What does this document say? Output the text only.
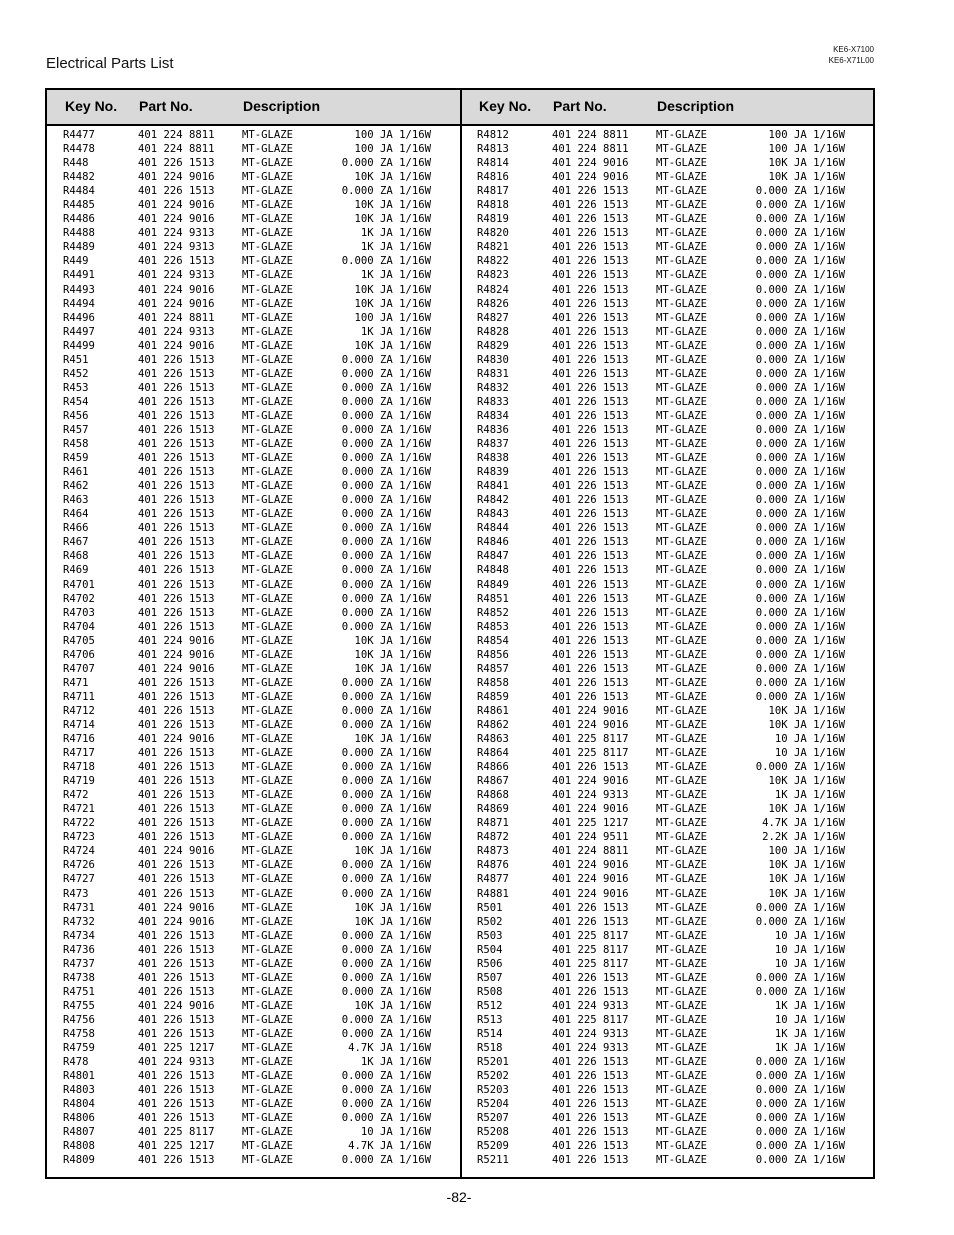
Electrical Parts List
KE6-X7100
KE6-X71L00
Key No. Part No.	Description	Key No. Part No.	Description
R4477	401 224 8811	MT-GLAZE	100 JA 1/16W
R4478	401 224 8811	MT-GLAZE	100 JA 1/16W
R448	401 226 1513	MT-GLAZE	0.000 ZA 1/16W
R4482	401 224 9016	MT-GLAZE	10K JA 1/16W
R4484	401 226 1513	MT-GLAZE	0.000 ZA 1/16W
R4485	401 224 9016	MT-GLAZE	10K JA 1/16W
R4486	401 224 9016	MT-GLAZE	10K JA 1/16W
R4488	401 224 9313	MT-GLAZE	1K JA 1/16W
R4489	401 224 9313	MT-GLAZE	1K JA 1/16W
R449	401 226 1513	MT-GLAZE	0.000 ZA 1/16W
R4491	401 224 9313	MT-GLAZE	1K JA 1/16W
R4493	401 224 9016	MT-GLAZE	10K JA 1/16W
R4494	401 224 9016	MT-GLAZE	10K JA 1/16W
R4496	401 224 8811	MT-GLAZE	100 JA 1/16W
R4497	401 224 9313	MT-GLAZE	1K JA 1/16W
R4499	401 224 9016	MT-GLAZE	10K JA 1/16W
R451	401 226 1513	MT-GLAZE	0.000 ZA 1/16W
R452	401 226 1513	MT-GLAZE	0.000 ZA 1/16W
R453	401 226 1513	MT-GLAZE	0.000 ZA 1/16W
R454	401 226 1513	MT-GLAZE	0.000 ZA 1/16W
R456	401 226 1513	MT-GLAZE	0.000 ZA 1/16W
R457	401 226 1513	MT-GLAZE	0.000 ZA 1/16W
R458	401 226 1513	MT-GLAZE	0.000 ZA 1/16W
R459	401 226 1513	MT-GLAZE	0.000 ZA 1/16W
R461	401 226 1513	MT-GLAZE	0.000 ZA 1/16W
R462	401 226 1513	MT-GLAZE	0.000 ZA 1/16W
R463	401 226 1513	MT-GLAZE	0.000 ZA 1/16W
R464	401 226 1513	MT-GLAZE	0.000 ZA 1/16W
R466	401 226 1513	MT-GLAZE	0.000 ZA 1/16W
R467	401 226 1513	MT-GLAZE	0.000 ZA 1/16W
R468	401 226 1513	MT-GLAZE	0.000 ZA 1/16W
R469	401 226 1513	MT-GLAZE	0.000 ZA 1/16W
R4701	401 226 1513	MT-GLAZE	0.000 ZA 1/16W
R4702	401 226 1513	MT-GLAZE	0.000 ZA 1/16W
R4703	401 226 1513	MT-GLAZE	0.000 ZA 1/16W
R4704	401 226 1513	MT-GLAZE	0.000 ZA 1/16W
R4705	401 224 9016	MT-GLAZE	10K JA 1/16W
R4706	401 224 9016	MT-GLAZE	10K JA 1/16W
R4707	401 224 9016	MT-GLAZE	10K JA 1/16W
R471	401 226 1513	MT-GLAZE	0.000 ZA 1/16W
R4711	401 226 1513	MT-GLAZE	0.000 ZA 1/16W
R4712	401 226 1513	MT-GLAZE	0.000 ZA 1/16W
R4714	401 226 1513	MT-GLAZE	0.000 ZA 1/16W
R4716	401 224 9016	MT-GLAZE	10K JA 1/16W
R4717	401 226 1513	MT-GLAZE	0.000 ZA 1/16W
R4718	401 226 1513	MT-GLAZE	0.000 ZA 1/16W
R4719	401 226 1513	MT-GLAZE	0.000 ZA 1/16W
R472	401 226 1513	MT-GLAZE	0.000 ZA 1/16W
R4721	401 226 1513	MT-GLAZE	0.000 ZA 1/16W
R4722	401 226 1513	MT-GLAZE	0.000 ZA 1/16W
R4723	401 226 1513	MT-GLAZE	0.000 ZA 1/16W
R4724	401 224 9016	MT-GLAZE	10K JA 1/16W
R4726	401 226 1513	MT-GLAZE	0.000 ZA 1/16W
R4727	401 226 1513	MT-GLAZE	0.000 ZA 1/16W
R473	401 226 1513	MT-GLAZE	0.000 ZA 1/16W
R4731	401 224 9016	MT-GLAZE	10K JA 1/16W
R4732	401 224 9016	MT-GLAZE	10K JA 1/16W
R4734	401 226 1513	MT-GLAZE	0.000 ZA 1/16W
R4736	401 226 1513	MT-GLAZE	0.000 ZA 1/16W
R4737	401 226 1513	MT-GLAZE	0.000 ZA 1/16W
R4738	401 226 1513	MT-GLAZE	0.000 ZA 1/16W
R4751	401 226 1513	MT-GLAZE	0.000 ZA 1/16W
R4755	401 224 9016	MT-GLAZE	10K JA 1/16W
R4756	401 226 1513	MT-GLAZE	0.000 ZA 1/16W
R4758	401 226 1513	MT-GLAZE	0.000 ZA 1/16W
R4759	401 225 1217	MT-GLAZE	4.7K JA 1/16W
R478	401 224 9313	MT-GLAZE	1K JA 1/16W
R4801	401 226 1513	MT-GLAZE	0.000 ZA 1/16W
R4803	401 226 1513	MT-GLAZE	0.000 ZA 1/16W
R4804	401 226 1513	MT-GLAZE	0.000 ZA 1/16W
R4806	401 226 1513	MT-GLAZE	0.000 ZA 1/16W
R4807	401 225 8117	MT-GLAZE	10 JA 1/16W
R4808	401 225 1217	MT-GLAZE	4.7K JA 1/16W
R4809	401 226 1513	MT-GLAZE	0.000 ZA 1/16W
R4812	401 224 8811	MT-GLAZE	100 JA 1/16W
R4813	401 224 8811	MT-GLAZE	100 JA 1/16W
R4814	401 224 9016	MT-GLAZE	10K JA 1/16W
R4816	401 224 9016	MT-GLAZE	10K JA 1/16W
R4817	401 226 1513	MT-GLAZE	0.000 ZA 1/16W
R4818	401 226 1513	MT-GLAZE	0.000 ZA 1/16W
R4819	401 226 1513	MT-GLAZE	0.000 ZA 1/16W
R4820	401 226 1513	MT-GLAZE	0.000 ZA 1/16W
R4821	401 226 1513	MT-GLAZE	0.000 ZA 1/16W
R4822	401 226 1513	MT-GLAZE	0.000 ZA 1/16W
R4823	401 226 1513	MT-GLAZE	0.000 ZA 1/16W
R4824	401 226 1513	MT-GLAZE	0.000 ZA 1/16W
R4826	401 226 1513	MT-GLAZE	0.000 ZA 1/16W
R4827	401 226 1513	MT-GLAZE	0.000 ZA 1/16W
R4828	401 226 1513	MT-GLAZE	0.000 ZA 1/16W
R4829	401 226 1513	MT-GLAZE	0.000 ZA 1/16W
R4830	401 226 1513	MT-GLAZE	0.000 ZA 1/16W
R4831	401 226 1513	MT-GLAZE	0.000 ZA 1/16W
R4832	401 226 1513	MT-GLAZE	0.000 ZA 1/16W
R4833	401 226 1513	MT-GLAZE	0.000 ZA 1/16W
R4834	401 226 1513	MT-GLAZE	0.000 ZA 1/16W
R4836	401 226 1513	MT-GLAZE	0.000 ZA 1/16W
R4837	401 226 1513	MT-GLAZE	0.000 ZA 1/16W
R4838	401 226 1513	MT-GLAZE	0.000 ZA 1/16W
R4839	401 226 1513	MT-GLAZE	0.000 ZA 1/16W
R4841	401 226 1513	MT-GLAZE	0.000 ZA 1/16W
R4842	401 226 1513	MT-GLAZE	0.000 ZA 1/16W
R4843	401 226 1513	MT-GLAZE	0.000 ZA 1/16W
R4844	401 226 1513	MT-GLAZE	0.000 ZA 1/16W
R4846	401 226 1513	MT-GLAZE	0.000 ZA 1/16W
R4847	401 226 1513	MT-GLAZE	0.000 ZA 1/16W
R4848	401 226 1513	MT-GLAZE	0.000 ZA 1/16W
R4849	401 226 1513	MT-GLAZE	0.000 ZA 1/16W
R4851	401 226 1513	MT-GLAZE	0.000 ZA 1/16W
R4852	401 226 1513	MT-GLAZE	0.000 ZA 1/16W
R4853	401 226 1513	MT-GLAZE	0.000 ZA 1/16W
R4854	401 226 1513	MT-GLAZE	0.000 ZA 1/16W
R4856	401 226 1513	MT-GLAZE	0.000 ZA 1/16W
R4857	401 226 1513	MT-GLAZE	0.000 ZA 1/16W
R4858	401 226 1513	MT-GLAZE	0.000 ZA 1/16W
R4859	401 226 1513	MT-GLAZE	0.000 ZA 1/16W
R4861	401 224 9016	MT-GLAZE	10K JA 1/16W
R4862	401 224 9016	MT-GLAZE	10K JA 1/16W
R4863	401 225 8117	MT-GLAZE	10 JA 1/16W
R4864	401 225 8117	MT-GLAZE	10 JA 1/16W
R4866	401 226 1513	MT-GLAZE	0.000 ZA 1/16W
R4867	401 224 9016	MT-GLAZE	10K JA 1/16W
R4868	401 224 9313	MT-GLAZE	1K JA 1/16W
R4869	401 224 9016	MT-GLAZE	10K JA 1/16W
R4871	401 225 1217	MT-GLAZE	4.7K JA 1/16W
R4872	401 224 9511	MT-GLAZE	2.2K JA 1/16W
R4873	401 224 8811	MT-GLAZE	100 JA 1/16W
R4876	401 224 9016	MT-GLAZE	10K JA 1/16W
R4877	401 224 9016	MT-GLAZE	10K JA 1/16W
R4881	401 224 9016	MT-GLAZE	10K JA 1/16W
R501	401 226 1513	MT-GLAZE	0.000 ZA 1/16W
R502	401 226 1513	MT-GLAZE	0.000 ZA 1/16W
R503	401 225 8117	MT-GLAZE	10 JA 1/16W
R504	401 225 8117	MT-GLAZE	10 JA 1/16W
R506	401 225 8117	MT-GLAZE	10 JA 1/16W
R507	401 226 1513	MT-GLAZE	0.000 ZA 1/16W
R508	401 226 1513	MT-GLAZE	0.000 ZA 1/16W
R512	401 224 9313	MT-GLAZE	1K JA 1/16W
R513	401 225 8117	MT-GLAZE	10 JA 1/16W
R514	401 224 9313	MT-GLAZE	1K JA 1/16W
R518	401 224 9313	MT-GLAZE	1K JA 1/16W
R5201	401 226 1513	MT-GLAZE	0.000 ZA 1/16W
R5202	401 226 1513	MT-GLAZE	0.000 ZA 1/16W
R5203	401 226 1513	MT-GLAZE	0.000 ZA 1/16W
R5204	401 226 1513	MT-GLAZE	0.000 ZA 1/16W
R5207	401 226 1513	MT-GLAZE	0.000 ZA 1/16W
R5208	401 226 1513	MT-GLAZE	0.000 ZA 1/16W
R5209	401 226 1513	MT-GLAZE	0.000 ZA 1/16W
R5211	401 226 1513	MT-GLAZE	0.000 ZA 1/16W
-82-
